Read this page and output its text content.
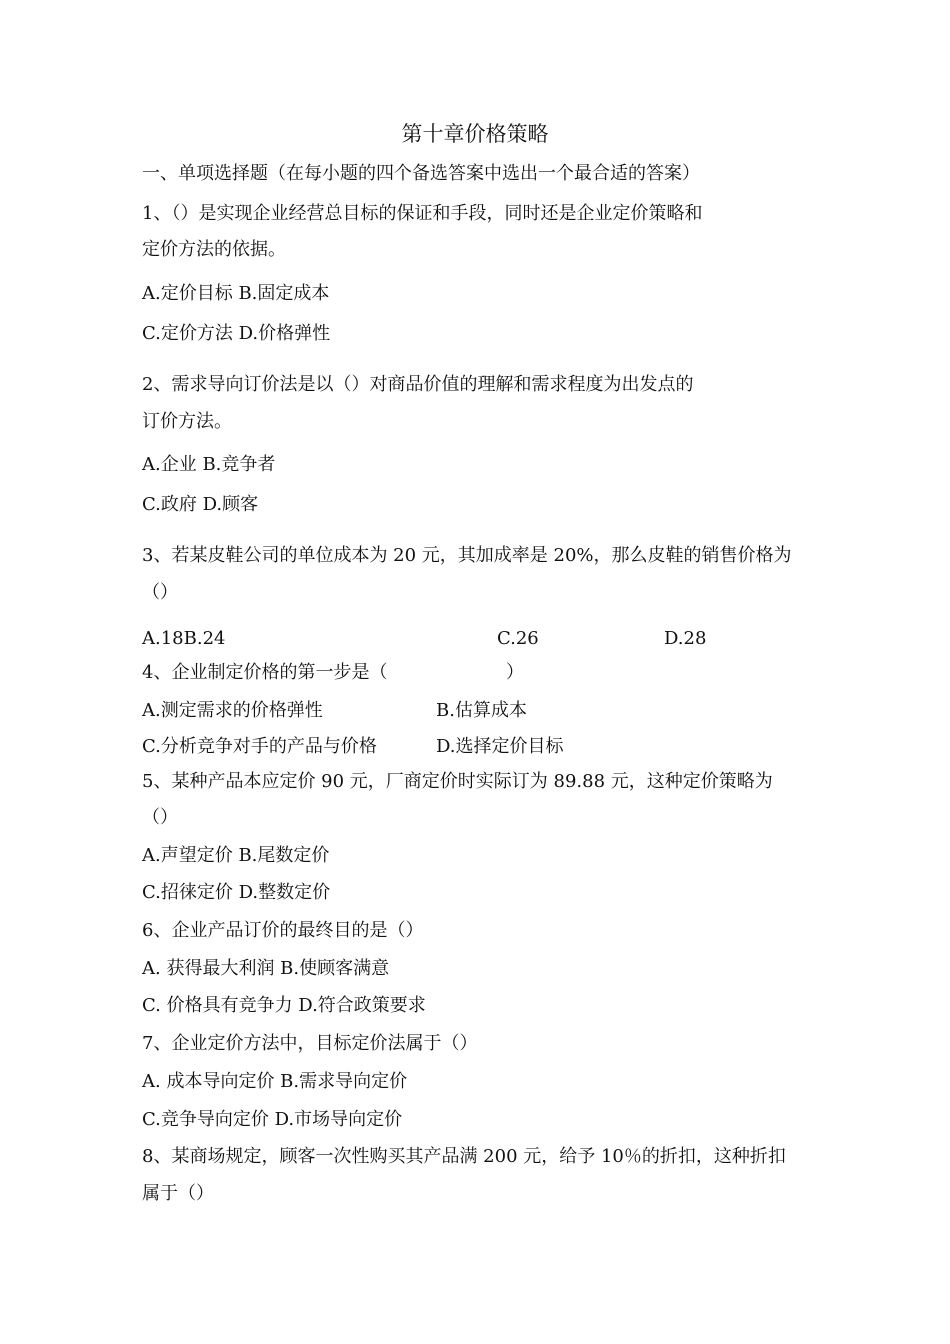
第十章价格策略
一、单项选择题（在每小题的四个备选答案中选出一个最合适的答案）
1、（）是实现企业经营总目标的保证和手段，同时还是企业定价策略和
定价方法的依据。
A.定价目标 B.固定成本
C.定价方法 D.价格弹性
2、需求导向订价法是以（）对商品价值的理解和需求程度为出发点的
订价方法。
A.企业 B.竞争者
C.政府 D.顾客
3、若某皮鞋公司的单位成本为 20 元，其加成率是 20%，那么皮鞋的销售价格为
（）
A.18B.24	C.26	D.28
4、企业制定价格的第一步是（	）
A.测定需求的价格弹性	B.估算成本
C.分析竞争对手的产品与价格	D.选择定价目标
5、某种产品本应定价 90 元，厂商定价时实际订为 89.88 元，这种定价策略为
（）
A.声望定价 B.尾数定价
C.招徕定价 D.整数定价
6、企业产品订价的最终目的是（）
A. 获得最大利润 B.使顾客满意
C. 价格具有竞争力 D.符合政策要求
7、企业定价方法中，目标定价法属于（）
A. 成本导向定价 B.需求导向定价
C.竞争导向定价 D.市场导向定价
8、某商场规定，顾客一次性购买其产品满 200 元，给予 10％的折扣，这种折扣
属于（）
